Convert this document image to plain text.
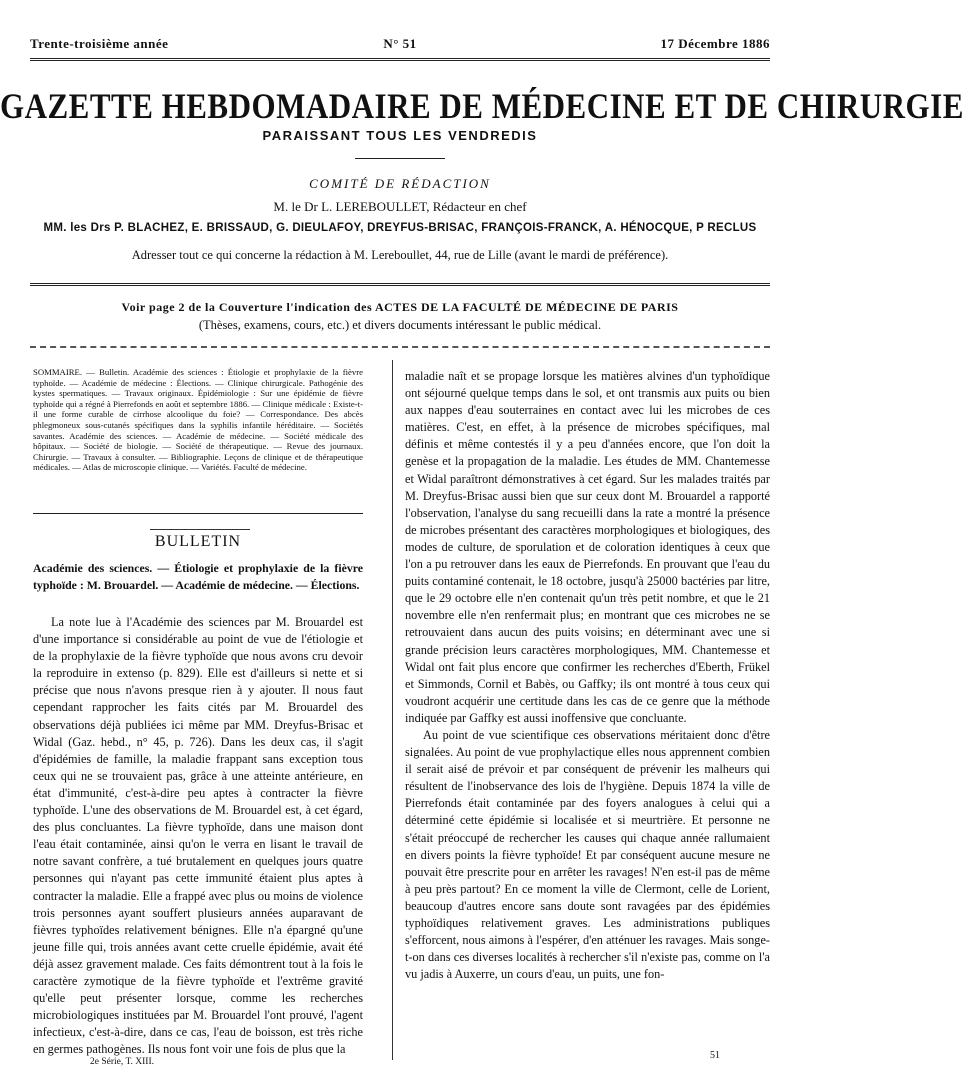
Trente-troisième année	N° 51	17 Décembre 1886
GAZETTE HEBDOMADAIRE DE MÉDECINE ET DE CHIRURGIE
PARAISSANT TOUS LES VENDREDIS
COMITÉ DE RÉDACTION
M. le Dr L. LEREBOULLET, Rédacteur en chef
MM. les Drs P. BLACHEZ, E. BRISSAUD, G. DIEULAFOY, DREYFUS-BRISAC, FRANÇOIS-FRANCK, A. HÉNOCQUE, P RECLUS
Adresser tout ce qui concerne la rédaction à M. Lereboullet, 44, rue de Lille (avant le mardi de préférence).
Voir page 2 de la Couverture l'indication des ACTES DE LA FACULTÉ DE MÉDECINE DE PARIS
(Thèses, examens, cours, etc.) et divers documents intéressant le public médical.
SOMMAIRE. — Bulletin. Académie des sciences : Étiologie et prophylaxie de la fièvre typhoïde. — Académie de médecine : Élections. — Clinique chirurgicale. Pathogénie des kystes spermatiques. — Travaux originaux. Épidémiologie : Sur une épidémie de fièvre typhoïde qui a régné à Pierrefonds en août et septembre 1886. — Clinique médicale : Existe-t-il une forme curable de cirrhose alcoolique du foie? — Correspondance. Des abcès phlegmoneux sous-cutanés spécifiques dans la syphilis infantile héréditaire. — Sociétés savantes. Académie des sciences. — Académie de médecine. — Société médicale des hôpitaux. — Société de biologie. — Société de thérapeutique. — Revue des journaux. Chirurgie. — Travaux à consulter. — Bibliographie. Leçons de clinique et de thérapeutique médicales. — Atlas de microscopie clinique. — Variétés. Faculté de médecine.
BULLETIN
Académie des sciences. — Étiologie et prophylaxie de la fièvre typhoïde : M. Brouardel. — Académie de médecine. — Élections.

La note lue à l'Académie des sciences par M. Brouardel est d'une importance si considérable au point de vue de l'étiologie et de la prophylaxie de la fièvre typhoïde que nous avons cru devoir la reproduire in extenso (p. 829). Elle est d'ailleurs si nette et si précise que nous n'avons presque rien à y ajouter. Il nous faut cependant rapprocher les faits cités par M. Brouardel des observations déjà publiées ici même par MM. Dreyfus-Brisac et Widal (Gaz. hebd., n° 45, p. 726). Dans les deux cas, il s'agit d'épidémies de famille, la maladie frappant sans exception tous ceux qui ne se trouvaient pas, grâce à une atteinte antérieure, en état d'immunité, c'est-à-dire peu aptes à contracter la fièvre typhoïde. L'une des observations de M. Brouardel est, à cet égard, des plus concluantes. La fièvre typhoïde, dans une maison dont l'eau était contaminée, ainsi qu'on le verra en lisant le travail de notre savant confrère, a tué brutalement en quelques jours quatre personnes qui n'ayant pas cette immunité étaient plus aptes à contracter la maladie. Elle a frappé avec plus ou moins de violence trois personnes ayant souffert plusieurs années auparavant de fièvres typhoïdes relativement bénignes. Elle n'a épargné qu'une jeune fille qui, trois années avant cette cruelle épidémie, avait été déjà assez gravement malade. Ces faits démontrent tout à la fois le caractère zymotique de la fièvre typhoïde et l'extrême gravité qu'elle peut présenter lorsque, comme les recherches microbiologiques instituées par M. Brouardel l'ont prouvé, l'agent infectieux, c'est-à-dire, dans ce cas, l'eau de boisson, est très riche en germes pathogènes. Ils nous font voir une fois de plus que la

maladie naît et se propage lorsque les matières alvines d'un typhoïdique ont séjourné quelque temps dans le sol, et ont transmis aux puits ou bien aux nappes d'eau souterraines en contact avec lui les microbes de ces matières. C'est, en effet, à la présence de microbes spécifiques, mal définis et même contestés il y a peu d'années encore, que l'on doit la genèse et la propagation de la maladie. Les études de MM. Chantemesse et Widal paraîtront démonstratives à cet égard. Sur les malades traités par M. Dreyfus-Brisac aussi bien que sur ceux dont M. Brouardel a rapporté l'observation, l'analyse du sang recueilli dans la rate a montré la présence de microbes présentant des caractères morphologiques et biologiques, des modes de culture, de sporulation et de coloration identiques à ceux que l'on a pu retrouver dans les eaux de Pierrefonds. En prouvant que l'eau du puits contaminé contenait, le 18 octobre, jusqu'à 25000 bactéries par litre, que le 29 octobre elle n'en contenait qu'un très petit nombre, et que le 21 novembre elle n'en renfermait plus; en montrant que ces microbes ne se retrouvaient dans aucun des puits voisins; en déterminant avec une si grande précision leurs caractères morphologiques, MM. Chantemesse et Widal ont fait plus encore que confirmer les recherches d'Eberth, Frükel et Simmonds, Cornil et Babès, ou Gaffky; ils ont montré à tous ceux qui voudront acquérir une certitude dans les cas de ce genre que la méthode indiquée par Gaffky est aussi inoffensive que concluante.

Au point de vue scientifique ces observations méritaient donc d'être signalées. Au point de vue prophylactique elles nous apprennent combien il serait aisé de prévoir et par conséquent de prévenir les malheurs qui résultent de l'inobservance des lois de l'hygiène. Depuis 1874 la ville de Pierrefonds était contaminée par des foyers analogues à celui qui a déterminé cette épidémie si localisée et si meurtrière. Et personne ne s'était préoccupé de rechercher les causes qui chaque année rallumaient en divers points la fièvre typhoïde! Et par conséquent aucune mesure ne pouvait être prescrite pour en arrêter les ravages! N'en est-il pas de même à peu près partout? En ce moment la ville de Clermont, celle de Lorient, beaucoup d'autres encore sans doute sont ravagées par des épidémies typhoïdiques relativement graves. Les administrations publiques s'efforcent, nous aimons à l'espérer, d'en atténuer les ravages. Mais songe-t-on dans ces diverses localités à rechercher s'il n'existe pas, comme on l'a vu jadis à Auxerre, un cours d'eau, un puits, une fon-

2e Série, T. XIII.
51
